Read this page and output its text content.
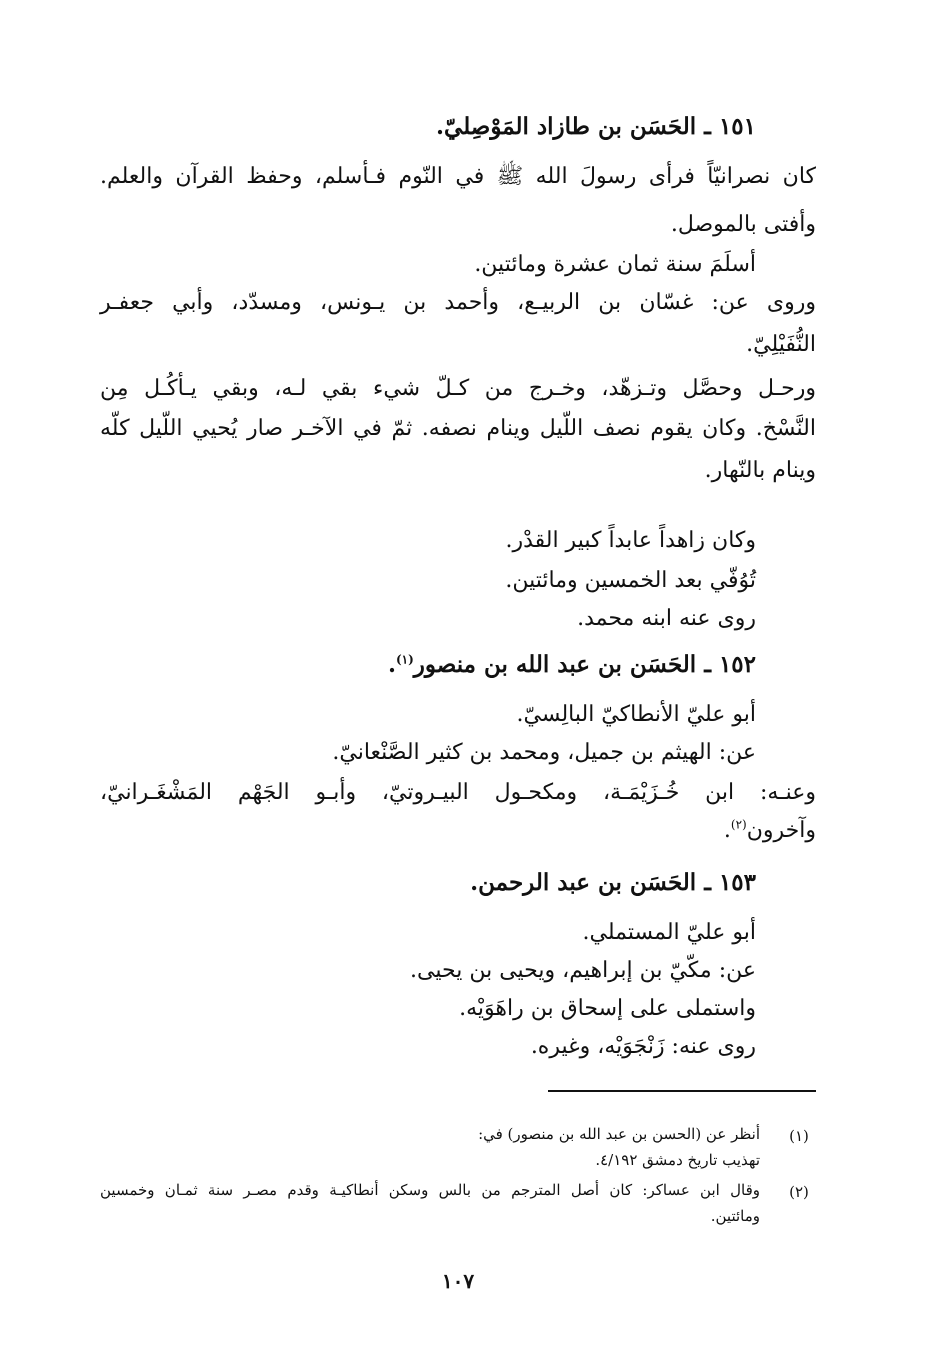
١٥١ ـ الحَسَن بن طازاد المَوْصِليّ.
كان نصرانيّاً فرأى رسولَ الله ﷺ في النّوم فـأسلم، وحفظ القرآن والعلم.
وأفتى بالموصل.
أسلَمَ سنة ثمان عشرة ومائتين.
وروى عن: غسّان بن الربيـع، وأحمد بن يـونس، ومسدّد، وأبي جعفـر
النُّفَيْلِيّ.
ورحـل وحصَّل وتـزهّد، وخـرج من كـلّ شيء بقي لـه، وبقي يـأكُـل مِن
النَّسْخ. وكان يقوم نصف اللّيل وينام نصفه. ثمّ في الآخـر صار يُحيي اللّيل كلّه
وينام بالنّهار.
وكان زاهداً عابداً كبير القدْر.
تُوُفّي بعد الخمسين ومائتين.
روى عنه ابنه محمد.
١٥٢ ـ الحَسَن بن عبد الله بن منصور$^{(١)}$.
أبو عليّ الأنطاكيّ البالِسيّ.
عن: الهيثم بن جميل، ومحمد بن كثير الصَّنْعانيّ.
وعنـه: ابن خُـزَيْمَـة، ومكحـول البيـروتيّ، وأبـو الجَهْم المَشْغَـرانيّ،
وآخرون$^{(٢)}$.
١٥٣ ـ الحَسَن بن عبد الرحمن.
أبو عليّ المستملي.
عن: مكّيّ بن إبراهيم، ويحيى بن يحيى.
واستملى على إسحاق بن راهَوَيْه.
روى عنه: زَنْجَوَيْه، وغيره.
(١)
أنظر عن (الحسن بن عبد الله بن منصور) في:
تهذيب تاريخ دمشق ٤/١٩٢.
(٢)
وقال ابن عساكر: كان أصل المترجم من بالس وسكن أنطاكيـة وقدم مصـر سنة ثمـان وخمسين
ومائتين.
١٠٧
